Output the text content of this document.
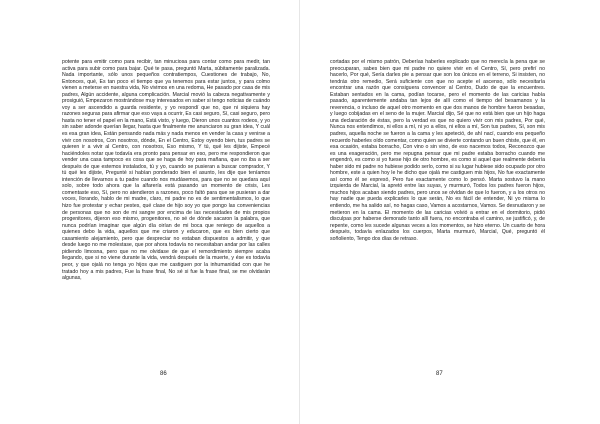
potente para emitir como para recibir, tan minuciosa para contar como para medir, tan activa para subir como para bajar. Qué te pasa, preguntó Marta, súbitamente paralizada. Nada importante, sólo unos pequeños contratiempos, Cuestiones de trabajo, No, Entonces, qué, Es tan poco el tiempo que ya tenemos para estar juntos, y para colmo vienen a meterse en nuestra vida, No vivimos en una redoma, He pasado por casa de mis padres, Algún accidente, alguna complicación. Marcial movió la cabeza negativamente y prosiguió, Empezaron mostrándose muy interesados en saber si tengo noticias de cuándo voy a ser ascendido a guarda residente, y yo respondí que no, que ni siquiera hay razones seguras para afirmar que eso vaya a ocurrir, Es casi seguro, Sí, casi seguro, pero hasta no tener el papel en la mano, Está visto, y luego, Dieron unos cuantos rodeos, y yo sin saber adonde querían llegar, hasta que finalmente me anunciaron su gran idea, Y cuál es esa gran idea, Están pensando nada más y nada menos en vender la casa y venirse a vivir con nosotros, Con nosotros, dónde, En el Centro, Estoy oyendo bien, tus padres se quieren ir a vivir al Centro, con nosotros, Eso mismo, Y tú, qué les dijiste, Empecé haciéndoles notar que todavía era pronto para pensar en eso, pero me respondieron que vender una casa tampoco es cosa que se haga de hoy para mañana, que no iba a ser después de que estemos instalados, tú y yo, cuando se pusieran a buscar comprador, Y tú qué les dijiste, Pregunté si habían ponderado bien el asunto, les dije que teníamos intención de llevarnos a tu padre cuando nos mudásemos, para que no se quedara aquí solo, sobre todo ahora que la alfarería está pasando un momento de crisis, Les comentaste eso, Sí, pero no atendieron a razones, poco faltó para que se pusieran a dar voces, llorando, hablo de mi madre, claro, mi padre no es de sentimentalismos, lo que hizo fue protestar y echar pestes, qué clase de hijo soy yo que pongo las conveniencias de personas que no son de mi sangre por encima de las necesidades de mis propios progenitores, dijeron eso mismo, progenitores, no sé de dónde sacaron la palabra, que nunca podrían imaginar que algún día oirían de mi boca que reniego de aquellos a quienes debo la vida, aquellos que me criaron y educaron, que es bien cierto que casamiento alejamiento, pero que despreciar no estaban dispuestos a admitir, y que desde luego no me molestase, que por ahora todavía no necesitaban andar por las calles pidiendo limosna, pero que no me olvidase de que el remordimiento siempre acaba llegando, que si no viene durante la vida, vendrá después de la muerte, y ése es todavía peor, y que ojalá no tenga yo hijos que me castiguen por la inhumanidad con que he tratado hoy a mis padres, Fue la frase final, No sé si fue la frase final, se me olvidarán algunas,

86

cortadas por el mismo patrón, Deberías haberles explicado que no merecía la pena que se preocuparan, sabes bien que mi padre no quiere vivir en el Centro, Sí, pero prefirí no hacerlo, Por qué, Sería darles pie a pensar que son los únicos en el terreno, Si insisten, no tendrás otro remedio, Será suficiente con que no acepte el ascenso, sólo necesitaría encontrar una razón que consiguera convencer al Centro, Dudo de que la encuentres. Estaban sentados en la cama, podían tocarse, pero el momento de las caricias había pasado, aparentemente andaba tan lejos de allí como el tiempo del besamanos y la reverencia, o incluso de aquel otro momento en que dos manos de hombre fueron besadas, y luego cobijadas en el seno de la mujer. Marcial dijo, Sé que no está bien que un hijo haga una declaración de éstas, pero la verdad es que no quiero vivir con mis padres, Por qué, Nunca nos entendimos, ni ellos a mí, ni yo a ellos, ni ellos a mí, Son tus padres, Sí, son mis padres, aquella noche se fueron a la cama y les apeteció, de ahí nací, cuando era pequeño recuerdo haberles oído comentar, como quien se divierte contando un buen chiste, que él, en esa ocasión, estaba borracho, Con vino o sin vino, de eso nacemos todos, Reconozco que es una exageración, pero me repugna pensar que mi padre estaba borracho cuando me engendró, es como si yo fuese hijo de otro hombre, es como si aquel que realmente debería haber sido mi padre no hubiese podido serlo, como si su lugar hubiese sido ocupado por otro hombre, este a quien hoy le he dicho que ojalá me castiguen mis hijos, No fue exactamente así como él se expresó, Pero fue exactamente como lo pensó. Marta sostuvo la mano izquierda de Marcial, la apretó entre las suyas, y murmuró, Todos los padres fueron hijos, muchos hijos acaban siendo padres, pero unos se olvidan de que lo fueron, y a los otros no hay nadie que pueda explicarles lo que serán, No es fácil de entender, Ni yo misma lo entiendo, me ha salido así, no hagas caso, Vamos a acostarnos, Vamos. Se desnudaron y se metieron en la cama. El momento de las caricias volvió a entrar en el dormitorio, pidió disculpas por haberse demorado tanto allí fuera, no encontraba el camino, se justificó, y, de repente, como les sucede algunas veces a los momentos, se hizo eterno. Un cuarto de hora después, todavía enlazados los cuerpos, Marta murmuró, Marcial, Qué, preguntó él soñoliento, Tengo dos días de retraso.

87
